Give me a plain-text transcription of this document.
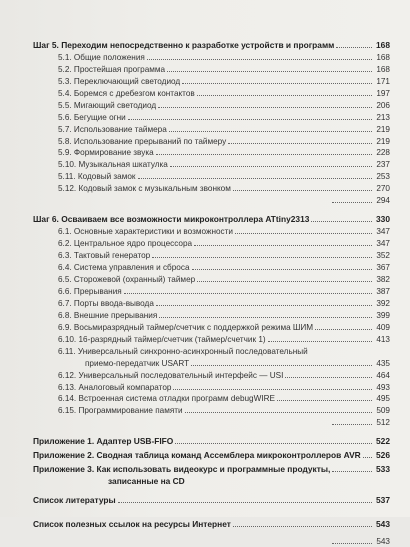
Шаг 5. Переходим непосредственно к разработке устройств и программ	168
5.1. Общие положения	168
5.2. Простейшая программа	168
5.3. Переключающий светодиод	171
5.4. Боремся с дребезгом контактов	197
5.5. Мигающий светодиод	206
5.6. Бегущие огни	213
5.7. Использование таймера	219
5.8. Использование прерываний по таймеру	219
5.9. Формирование звука	228
5.10. Музыкальная шкатулка	237
5.11. Кодовый замок	253
5.12. Кодовый замок с музыкальным звонком	270
294
Шаг 6. Осваиваем все возможности микроконтроллера ATtiny2313	330
6.1. Основные характеристики и возможности	347
6.2. Центральное ядро процессора	347
6.3. Тактовый генератор	352
6.4. Система управления и сброса	367
6.5. Сторожевой (охранный) таймер	382
6.6. Прерывания	387
6.7. Порты ввода-вывода	392
6.8. Внешние прерывания	399
6.9. Восьмиразрядный таймер/счетчик с поддержкой режима ШИМ	409
6.10. 16-разрядный таймер/счетчик (таймер/счетчик 1)	413
6.11. Универсальный синхронно-асинхронный последовательный
приемо-передатчик USART	435
6.12. Универсальный последовательный интерфейс — USI	464
6.13. Аналоговый компаратор	493
6.14. Встроенная система отладки программ debugWIRE	495
6.15. Программирование памяти	509
512
Приложение 1. Адаптер USB-FIFO	522
Приложение 2. Сводная таблица команд Ассемблера микроконтроллеров AVR 526
Приложение 3. Как использовать видеокурс и программные продукты,	533
записанные на CD
Список литературы	537
Список полезных ссылок на ресурсы Интернет	543
543
